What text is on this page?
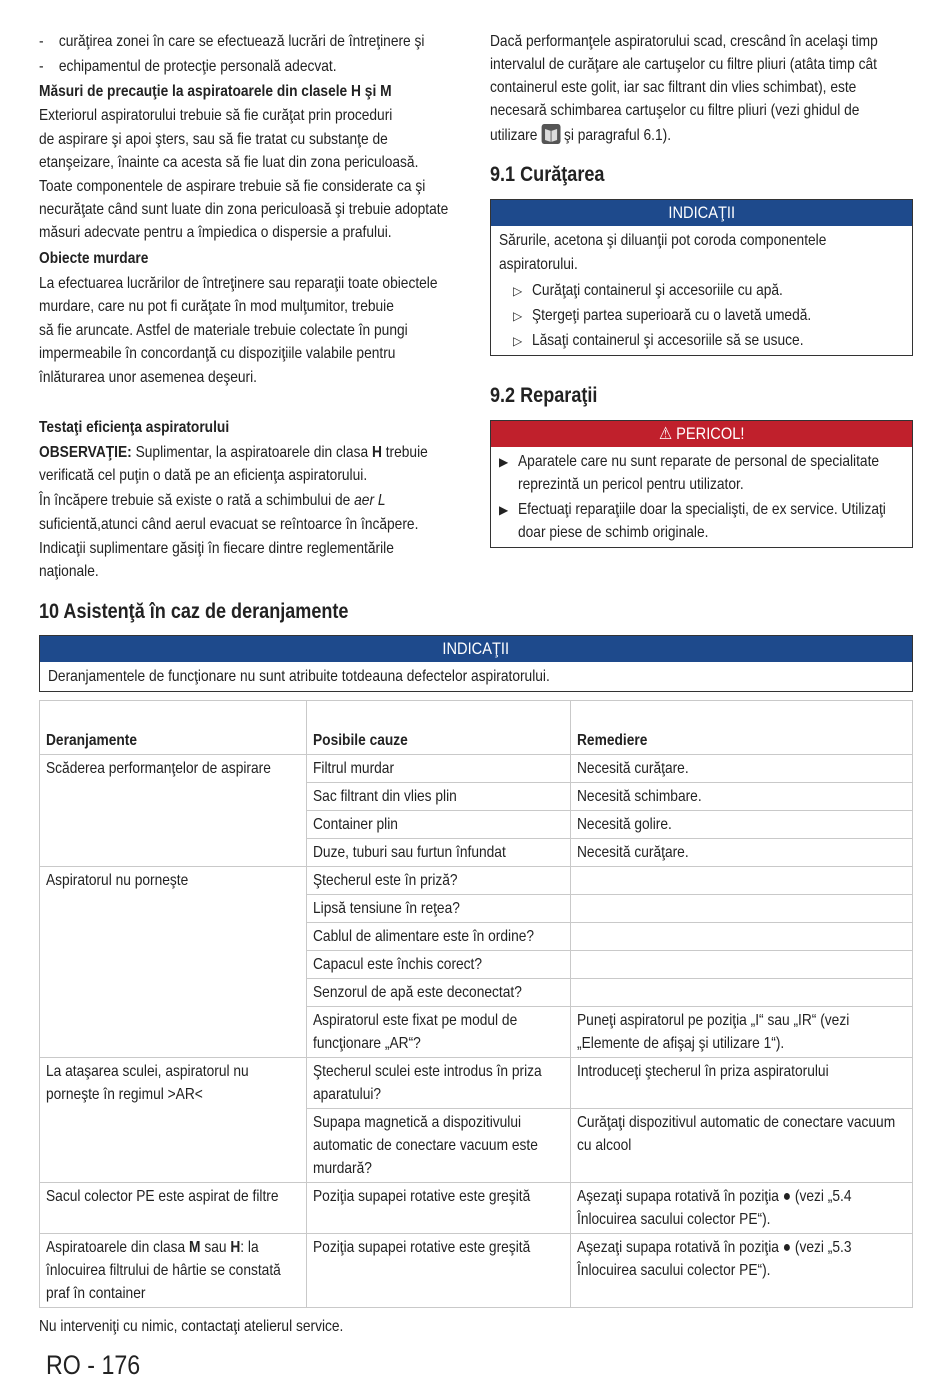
-    curăţirea zonei în care se efectuează lucrări de întreţinere şi
-    echipamentul de protecţie personală adecvat.
Măsuri de precauţie la aspiratoarele din clasele H şi M
Exteriorul aspiratorului trebuie să fie curăţat prin proceduri
de aspirare şi apoi şters, sau să fie tratat cu substanţe de
etanşeizare, înainte ca acesta să fie luat din zona periculoasă.
Toate componentele de aspirare trebuie să fie considerate ca şi
necurăţate când sunt luate din zona periculoasă şi trebuie adoptate
măsuri adecvate pentru a împiedica o dispersie a prafului.
Obiecte murdare
La efectuarea lucrărilor de întreţinere sau reparaţii toate obiectele
murdare, care nu pot fi curăţate în mod mulţumitor, trebuie
să fie aruncate. Astfel de materiale trebuie colectate în pungi
impermeabile în concordanţă cu dispoziţiile valabile pentru
înlăturarea unor asemenea deşeuri.
Testaţi eficienţa aspiratorului
OBSERVAŢIE: Suplimentar, la aspiratoarele din clasa H trebuie
verificată cel puţin o dată pe an eficienţa aspiratorului.
În încăpere trebuie să existe o rată a schimbului de aer L
suficientă,atunci când aerul evacuat se reîntoarce în încăpere.
Indicaţii suplimentare găsiţi în fiecare dintre reglementările
naţionale.
Dacă performanţele aspiratorului scad, crescând în acelaşi timp
intervalul de curăţare ale cartuşelor cu filtre pliuri (atâta timp cât
containerul este golit, iar sac filtrant din vlies schimbat), este
necesară schimbarea cartuşelor cu filtre pliuri (vezi ghidul de
utilizare
şi paragraful 6.1).
9.1 Curăţarea
INDICAŢII
Sărurile, acetona şi diluanţii pot coroda componentele
aspiratorului.
▷ Curăţaţi containerul şi accesoriile cu apă.
▷ Ştergeţi partea superioară cu o lavetă umedă.
▷ Lăsaţi containerul şi accesoriile să se usuce.
9.2 Reparaţii
⚠ PERICOL!
▶ Aparatele care nu sunt reparate de personal de specialitate
reprezintă un pericol pentru utilizator.
▶ Efectuaţi reparaţiile doar la specialişti, de ex service. Utilizaţi
doar piese de schimb originale.
10 Asistenţă în caz de deranjamente
INDICAŢII
Deranjamentele de funcţionare nu sunt atribuite totdeauna defectelor aspiratorului.
Deranjamente	Posibile cauze	Remediere

Scăderea performanţelor de aspirare	Filtrul murdar	Necesită curăţare.

	Sac filtrant din vlies plin	Necesită schimbare.

	Container plin	Necesită golire.

	Duze, tuburi sau furtun înfundat	Necesită curăţare.

Aspiratorul nu porneşte	Ştecherul este în priză?	

	Lipsă tensiune în reţea?	

	Cablul de alimentare este în ordine?	

	Capacul este închis corect?	

	Senzorul de apă este deconectat?	

	Aspiratorul este fixat pe modul de funcţionare „AR“?	Puneţi aspiratorul pe poziţia „I“ sau „IR“ (vezi „Elemente de afişaj şi utilizare 1“).

La ataşarea sculei, aspiratorul nu porneşte în regimul >AR<	Ştecherul sculei este introdus în priza aparatului?	Introduceţi ştecherul în priza aspiratorului

	Supapa magnetică a dispozitivului automatic de conectare vacuum este murdară?	Curăţaţi dispozitivul automatic de conectare vacuum cu alcool

Sacul colector PE este aspirat de filtre	Poziţia supapei rotative este greşită	Aşezaţi supapa rotativă în poziţia ● (vezi „5.4 Înlocuirea sacului colector PE“).

Aspiratoarele din clasa M sau H: la înlocuirea filtrului de hârtie se constată praf în container	Poziţia supapei rotative este greşită	Aşezaţi supapa rotativă în poziţia ● (vezi „5.3 Înlocuirea sacului colector PE“).
Nu interveniţi cu nimic, contactaţi atelierul service.
RO - 176
